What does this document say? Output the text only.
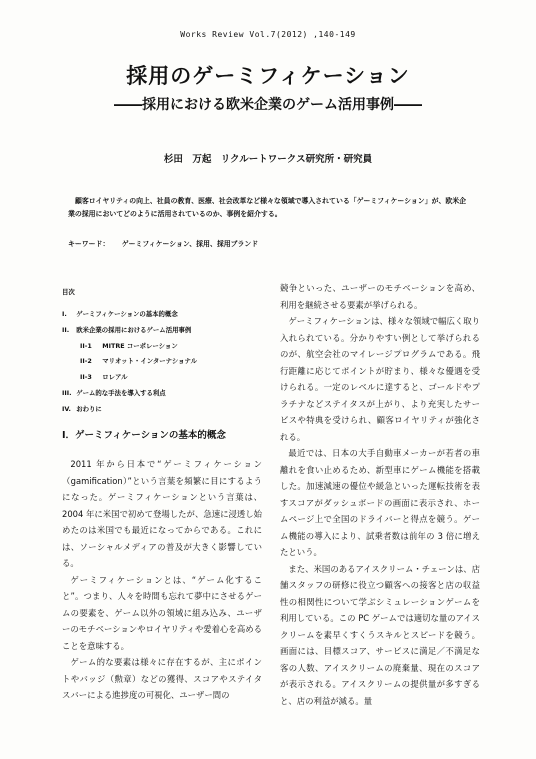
Works Review Vol.7(2012) ,140-149
採用のゲーミフィケーション
――採用における欧米企業のゲーム活用事例――
杉田　万起 リクルートワークス研究所・研究員
顧客ロイヤリティの向上、社員の教育、医療、社会改革など様々な領域で導入されている「ゲーミフィケーション」が、欧米企業の採用においてどのように活用されているのか、事例を紹介する。
キーワード： ゲーミフィケーション、採用、採用ブランド
目次
I. ゲーミフィケーションの基本的概念
II. 欧米企業の採用におけるゲーム活用事例
II-1 MITRE コーポレーション
II-2 マリオット・インターナショナル
II-3 ロレアル
III. ゲーム的な手法を導入する利点
IV. おわりに
I．ゲーミフィケーションの基本的概念

2011 年から日本で“ゲーミフィケーション（gamification）”という言葉を頻繁に目にするようになった。ゲーミフィケーションという言葉は、2004 年に米国で初めて登場したが、急速に浸透し始めたのは米国でも最近になってからである。これには、ソーシャルメディアの普及が大きく影響している。

ゲーミフィケーションとは、“ゲーム化すること”。つまり、人々を時間も忘れて夢中にさせるゲームの要素を、ゲーム以外の領域に組み込み、ユーザーのモチベーションやロイヤリティや愛着心を高めることを意味する。

ゲーム的な要素は様々に存在するが、主にポイントやバッジ（勲章）などの獲得、スコアやステイタスバーによる進捗度の可視化、ユーザー間の

競争といった、ユーザーのモチベーションを高め、利用を継続させる要素が挙げられる。

ゲーミフィケーションは、様々な領域で幅広く取り入れられている。分かりやすい例として挙げられるのが、航空会社のマイレージプログラムである。飛行距離に応じてポイントが貯まり、様々な優遇を受けられる。一定のレベルに達すると、ゴールドやプラチナなどステイタスが上がり、より充実したサービスや特典を受けられ、顧客ロイヤリティが強化される。

最近では、日本の大手自動車メーカーが若者の車離れを食い止めるため、新型車にゲーム機能を搭載した。加速減速の優位や緩急といった運転技術を表すスコアがダッシュボードの画面に表示され、ホームページ上で全国のドライバーと得点を競う。ゲーム機能の導入により、試乗者数は前年の 3 倍に増えたという。

また、米国のあるアイスクリーム・チェーンは、店舗スタッフの研修に役立つ顧客への接客と店の収益性の相関性について学ぶシミュレーションゲームを利用している。この PC ゲームでは適切な量のアイスクリームを素早くすくうスキルとスピードを競う。画面には、目標スコア、サービスに満足／不満足な客の人数、アイスクリームの廃棄量、現在のスコアが表示される。アイスクリームの提供量が多すぎると、店の利益が減る。量
